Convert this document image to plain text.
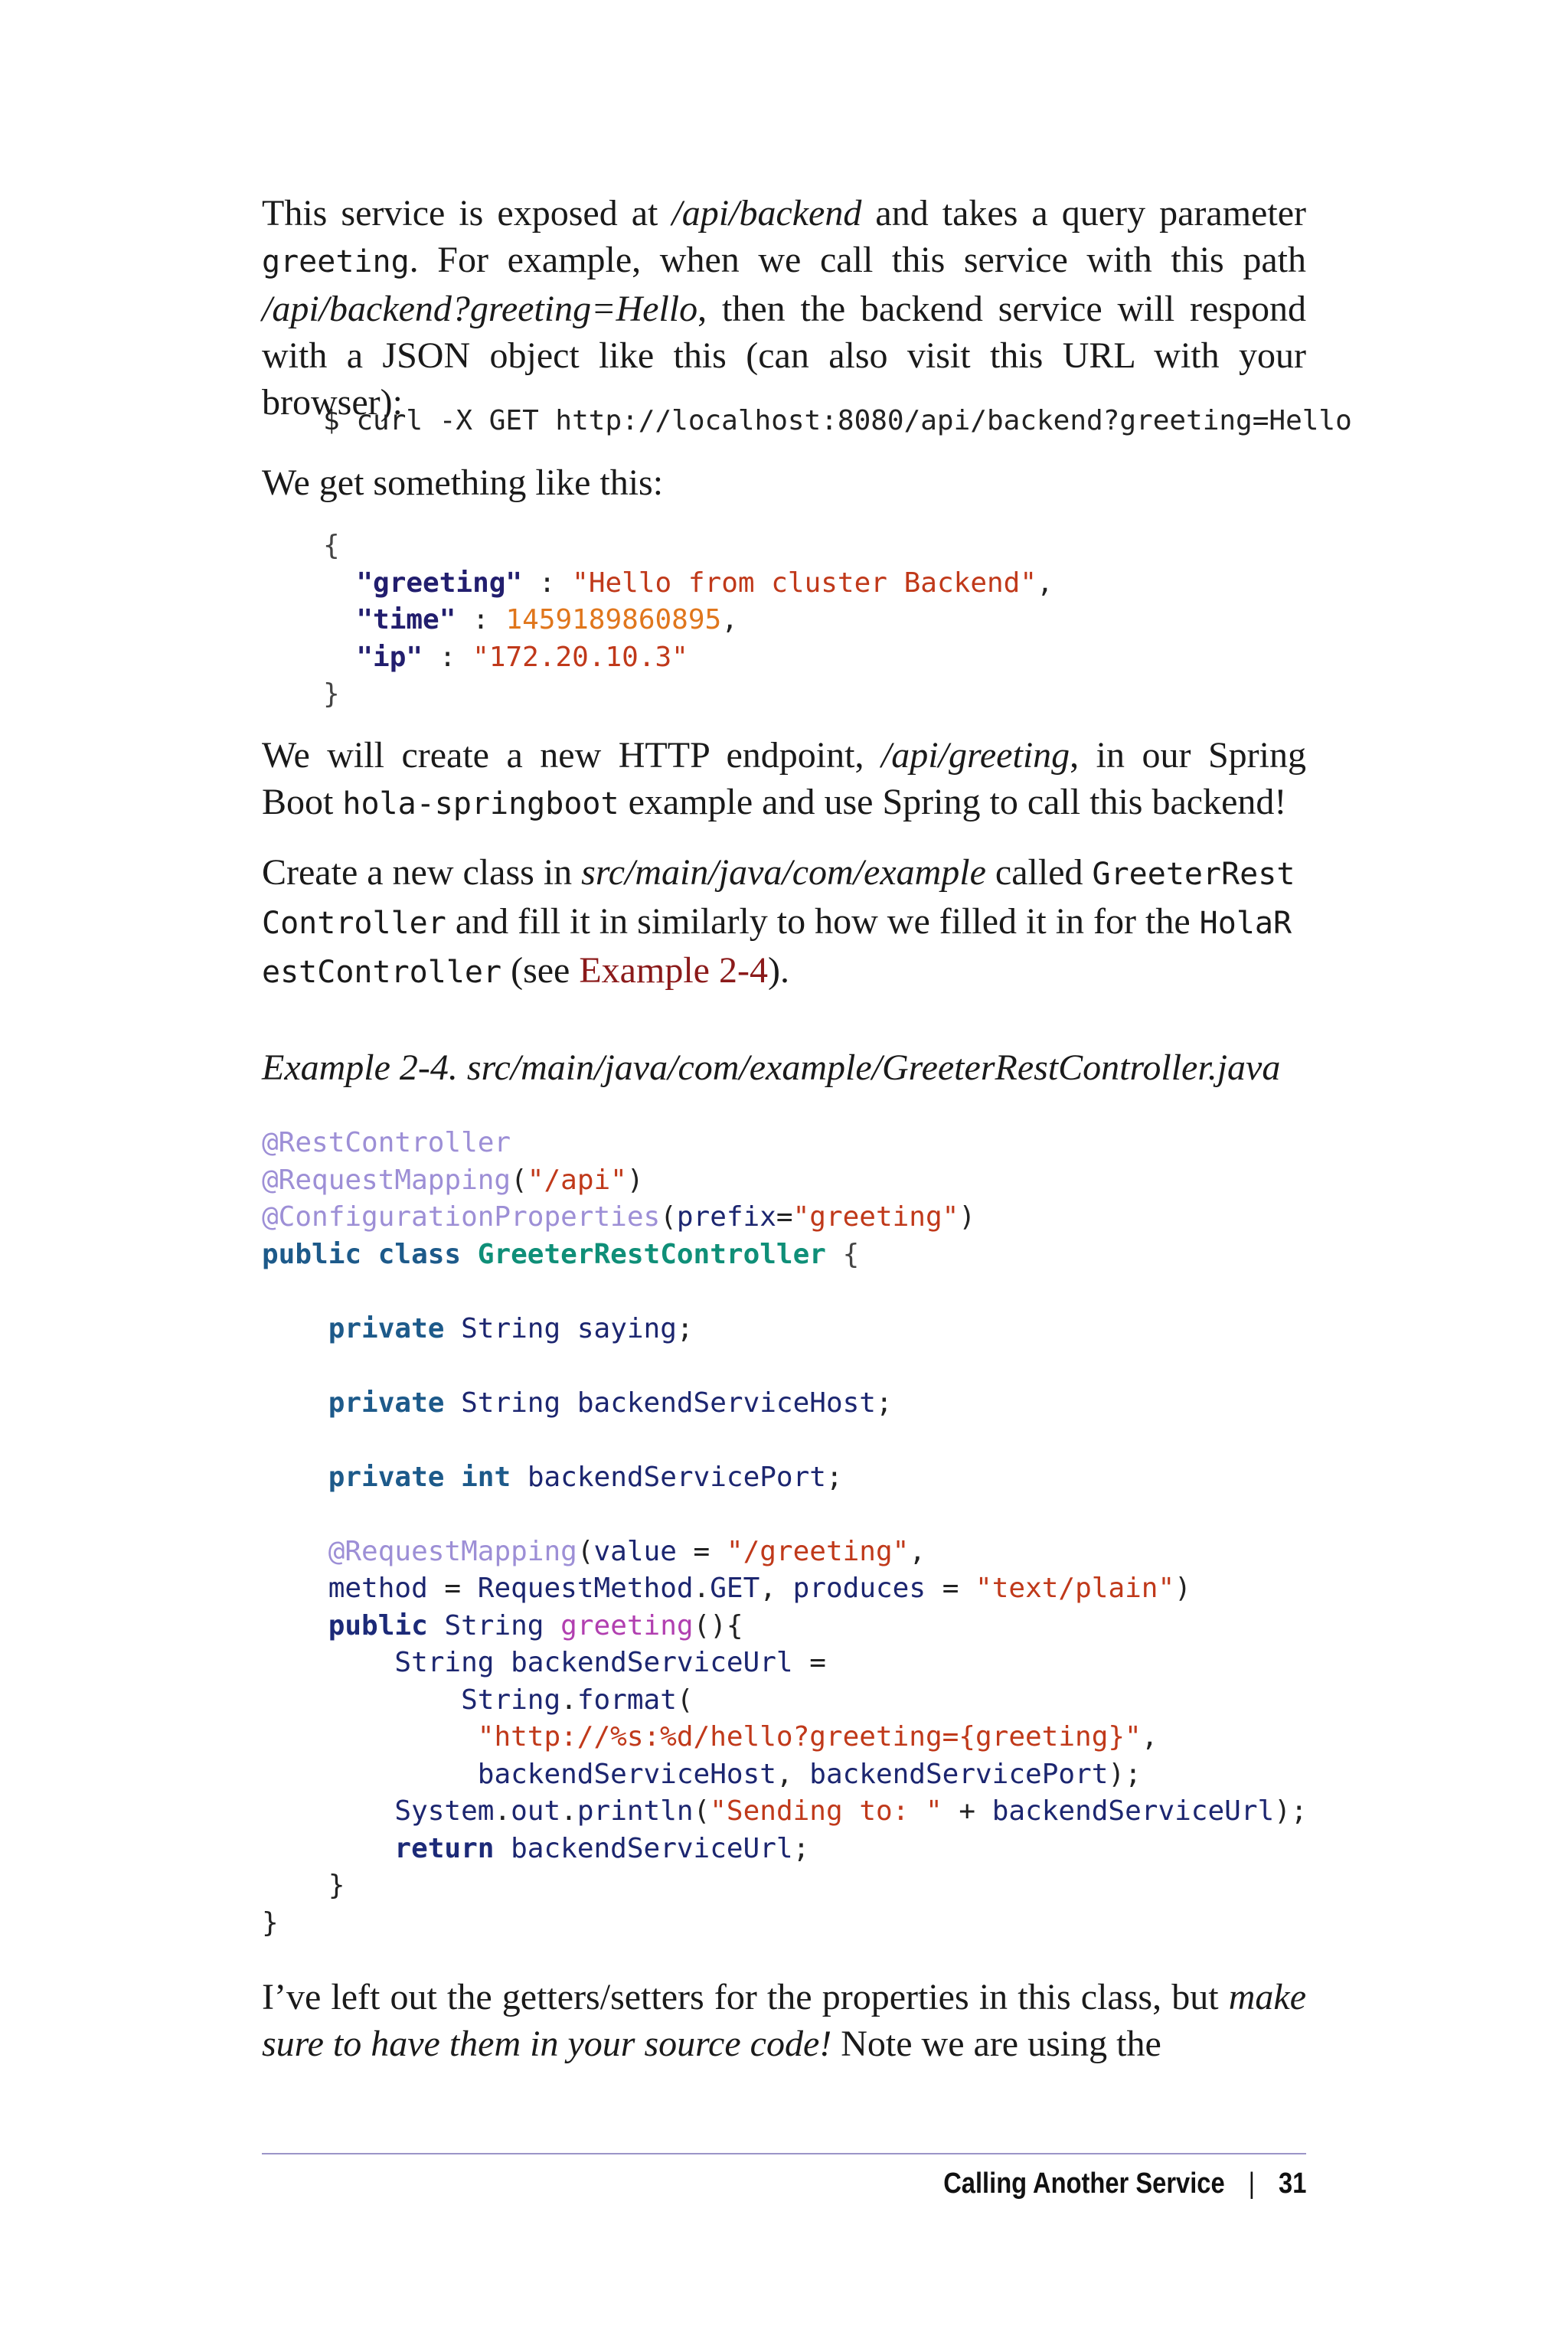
This service is exposed at /api/backend and takes a query parameter greeting. For example, when we call this service with this path /api/backend?greeting=Hello, then the backend service will respond with a JSON object like this (can also visit this URL with your browser):

$ curl -X GET http://localhost:8080/api/backend?greeting=Hello

We get something like this:

{
"greeting" : "Hello from cluster Backend",
"time" : 1459189860895,
"ip" : "172.20.10.3"
}

We will create a new HTTP endpoint, /api/greeting, in our Spring Boot hola-springboot example and use Spring to call this backend!

Create a new class in src/main/java/com/example called GreeterRest
Controller and fill it in similarly to how we filled it in for the HolaR
estController (see Example 2-4).

Example 2-4. src/main/java/com/example/GreeterRestController.java

@RestController
@RequestMapping("/api")
@ConfigurationProperties(prefix="greeting")
public class GreeterRestController {

private String saying;

private String backendServiceHost;

private int backendServicePort;

@RequestMapping(value = "/greeting",
method = RequestMethod.GET, produces = "text/plain")
public String greeting(){
String backendServiceUrl =
String.format(
"http://%s:%d/hello?greeting={greeting}",
backendServiceHost, backendServicePort);
System.out.println("Sending to: " + backendServiceUrl);
return backendServiceUrl;
}
}

I’ve left out the getters/setters for the properties in this class, but make sure to have them in your source code! Note we are using the

Calling Another Service | 31
